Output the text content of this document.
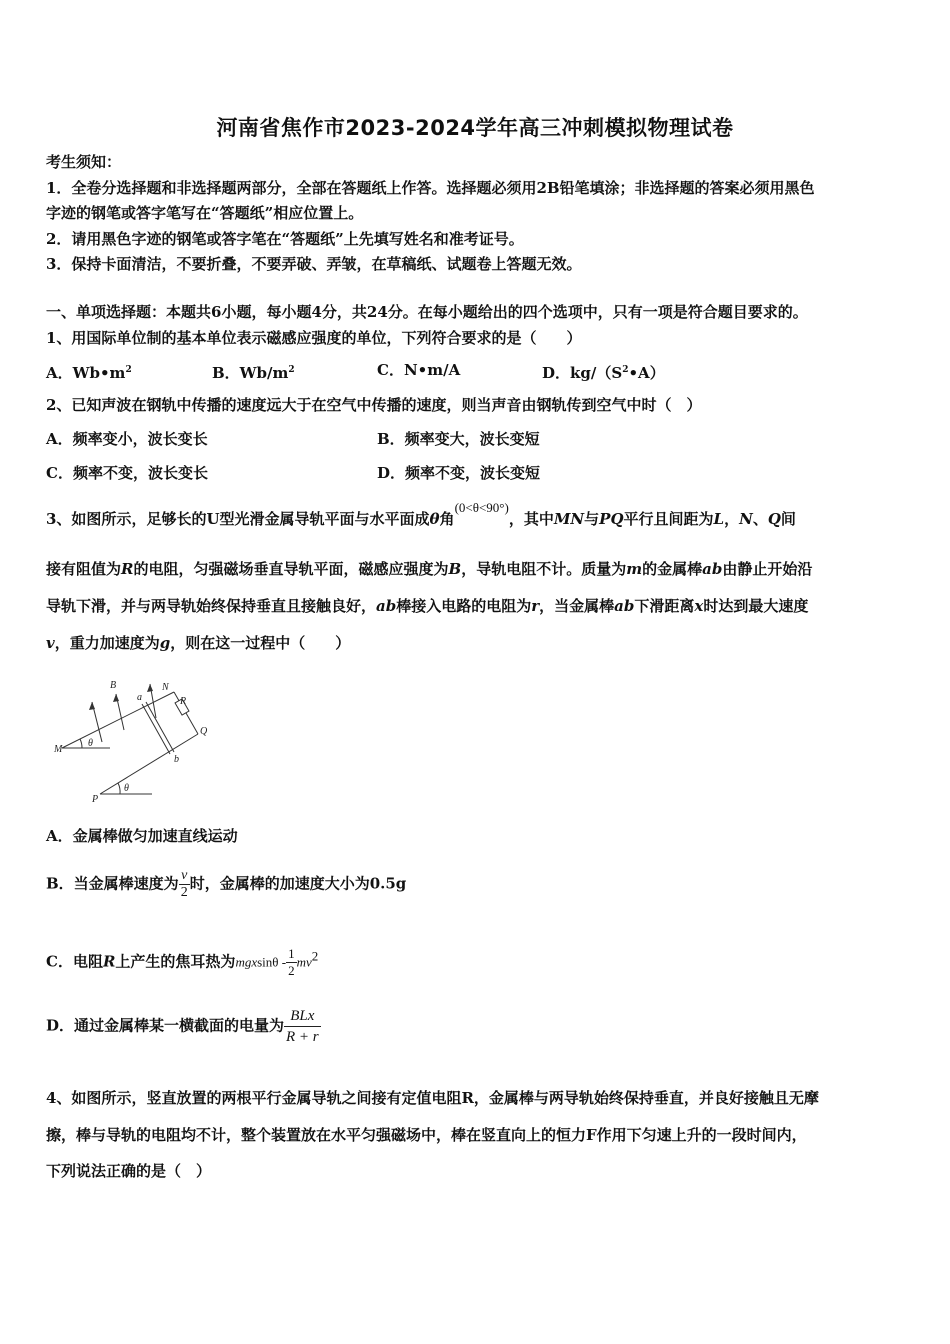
河南省焦作市2023-2024学年高三冲刺模拟物理试卷
考生须知：
1．全卷分选择题和非选择题两部分，全部在答题纸上作答。选择题必须用2B铅笔填涂；非选择题的答案必须用黑色
字迹的钢笔或答字笔写在“答题纸”相应位置上。
2．请用黑色字迹的钢笔或答字笔在“答题纸”上先填写姓名和准考证号。
3．保持卡面清洁，不要折叠，不要弄破、弄皱，在草稿纸、试题卷上答题无效。
一、单项选择题：本题共6小题，每小题4分，共24分。在每小题给出的四个选项中，只有一项是符合题目要求的。
1、用国际单位制的基本单位表示磁感应强度的单位，下列符合要求的是（　　）
A．$Wb•m^2$	B．$Wb/m^2$	C．N•m/A	D．$kg/(S^2•A)$
2、已知声波在钢轨中传播的速度远大于在空气中传播的速度，则当声音由钢轨传到空气中时（　）
A．频率变小，波长变长	B．频率变大，波长变短
C．频率不变，波长变长	D．频率不变，波长变短
3、如图所示，足够长的U型光滑金属导轨平面与水平面成θ角(0<θ<90°)，其中MN与PQ平行且间距为L，N、Q间
接有阻值为R的电阻，匀强磁场垂直导轨平面，磁感应强度为B，导轨电阻不计。质量为m的金属棒ab由静止开始沿
导轨下滑，并与两导轨始终保持垂直且接触良好，ab棒接入电路的电阻为r，当金属棒ab下滑距离x时达到最大速度
v，重力加速度为g，则在这一过程中（　　）
B
a
N
R
Q
M
θ
b
P
θ
A．金属棒做匀加速直线运动
B．当金属棒速度为 $\frac{v}{2}$ 时，金属棒的加速度大小为0.5g
C．电阻R上产生的焦耳热为mgxsinθ - $\frac{1}{2} mv2$
D．通过金属棒某一横截面的电量为 $\frac{\text{BLx}}{R + r}$
4、如图所示，竖直放置的两根平行金属导轨之间接有定值电阻R，金属棒与两导轨始终保持垂直，并良好接触且无摩
擦，棒与导轨的电阻均不计，整个装置放在水平匀强磁场中，棒在竖直向上的恒力F作用下匀速上升的一段时间内，
下列说法正确的是（　）
